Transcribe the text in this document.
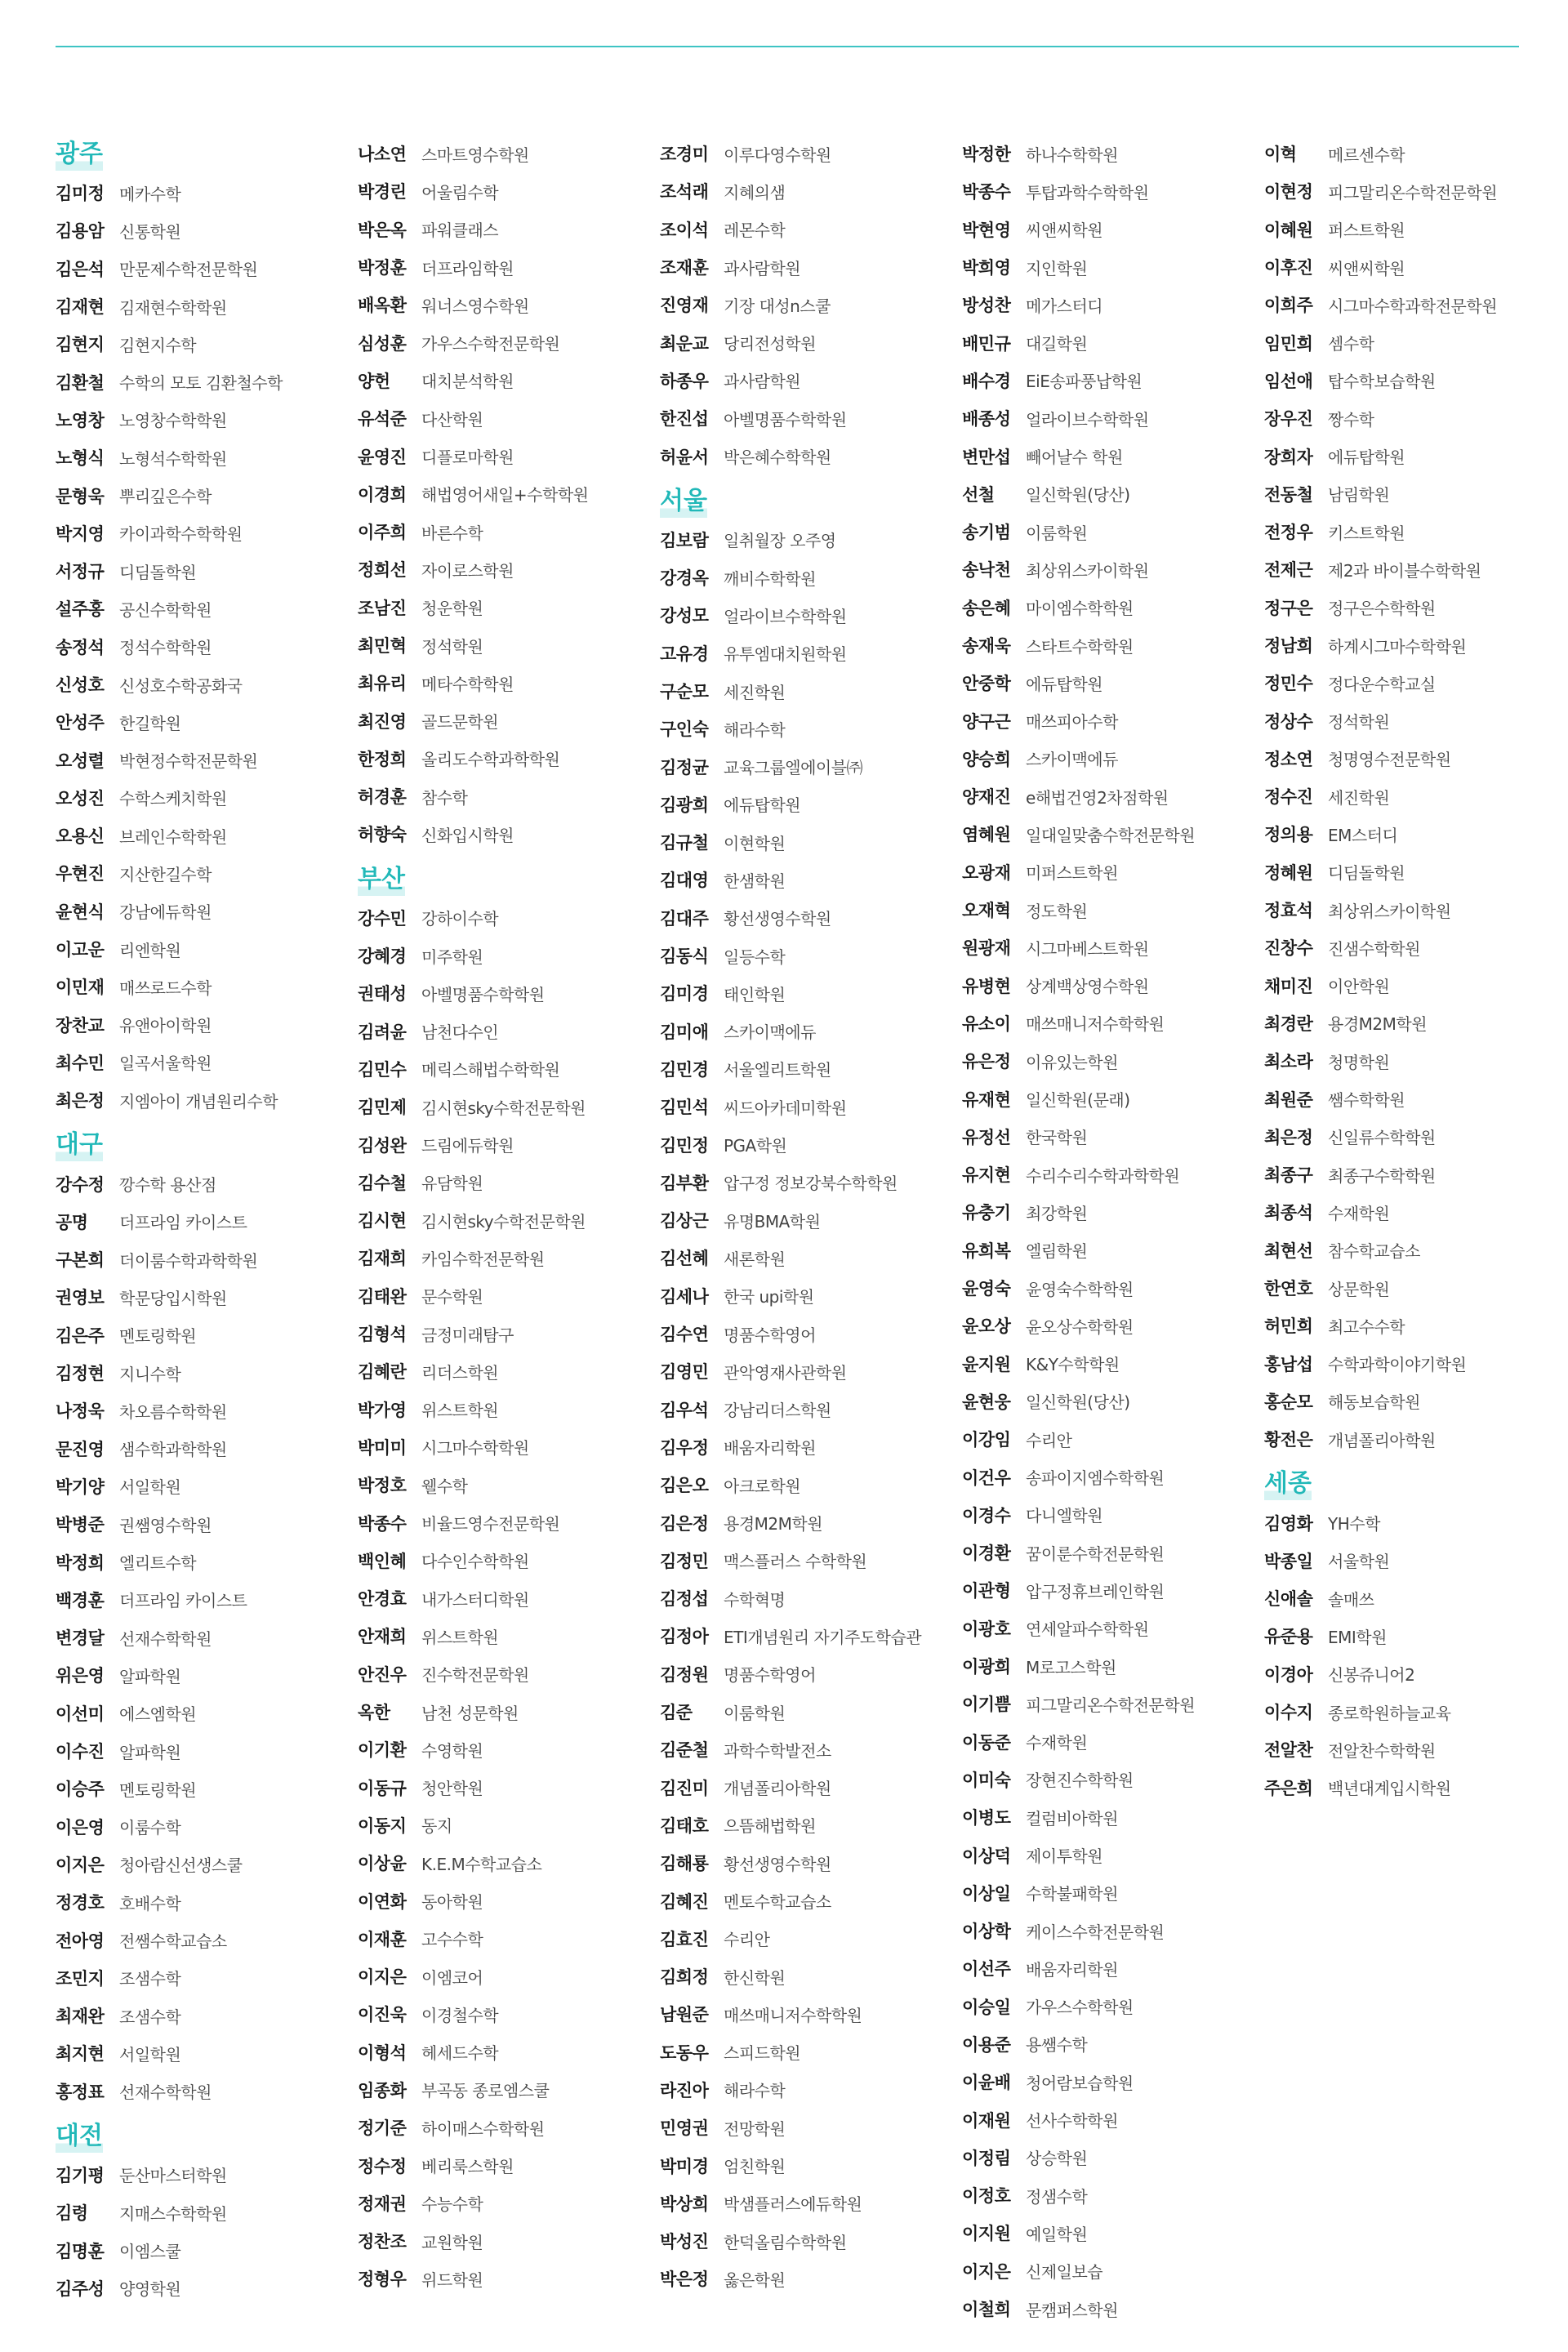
광주
김미정 메카수학
김용암 신통학원
김은석 만문제수학전문학원
김재현 김재현수학학원
김현지 김현지수학
김환철 수학의 모토 김환철수학
노영창 노영창수학학원
노형식 노형석수학학원
문형욱 뿌리깊은수학
박지영 카이과학수학학원
서정규 디딤돌학원
설주홍 공신수학학원
송정석 정석수학학원
신성호 신성호수학공화국
안성주 한길학원
오성렬 박현정수학전문학원
오성진 수학스케치학원
오용신 브레인수학학원
우현진 지산한길수학
윤현식 강남에듀학원
이고운 리엔학원
이민재 매쓰로드수학
장찬교 유앤아이학원
최수민 일곡서울학원
최은정 지엠아이 개념원리수학
대구
강수정 깡수학 용산점
공명	더프라임 카이스트
구본희 더이룸수학과학학원
권영보 학문당입시학원
김은주 멘토링학원
김정현 지니수학
나정욱 차오름수학학원
문진영 샘수학과학학원
박기양 서일학원
박병준 권쌤영수학원
박정희 엘리트수학
백경훈 더프라임 카이스트
변경달 선재수학학원
위은영 알파학원
이선미 에스엠학원
이수진 알파학원
이승주 멘토링학원
이은영 이룸수학
이지은 청아람신선생스쿨
정경호 호배수학
전아영 전쌤수학교습소
조민지 조샘수학
최재완 조샘수학
최지현 서일학원
홍정표 선재수학학원
대전
김기평 둔산마스터학원
김령	지매스수학학원
김명훈 이엠스쿨
김주성 양영학원
나소연 스마트영수학원
박경린 어울림수학
박은옥 파워클래스
박정훈 더프라임학원
배옥환 워너스영수학원
심성훈 가우스수학전문학원
양헌	대치분석학원
유석준 다산학원
윤영진 디플로마학원
이경희 해법영어새일+수학학원
이주희 바른수학
정희선 자이로스학원
조남진 청운학원
최민혁 정석학원
최유리 메타수학학원
최진영 골드문학원
한정희 올리도수학과학학원
허경훈 참수학
허향숙 신화입시학원
부산
강수민 강하이수학
강혜경 미주학원
권태성 아벨명품수학학원
김려윤 남천다수인
김민수 메릭스해법수학학원
김민제 김시현sky수학전문학원
김성완 드림에듀학원
김수철 유담학원
김시현 김시현sky수학전문학원
김재희 카임수학전문학원
김태완 문수학원
김형석 금정미래탐구
김혜란 리더스학원
박가영 위스트학원
박미미 시그마수학학원
박정호 웰수학
박종수 비율드영수전문학원
백인혜 다수인수학학원
안경효 내가스터디학원
안재희 위스트학원
안진우 진수학전문학원
옥한	남천 성문학원
이기환 수영학원
이동규 청안학원
이동지 동지
이상윤 K.E.M수학교습소
이연화 동아학원
이재훈 고수수학
이지은 이엠코어
이진욱 이경철수학
이형석 헤세드수학
임종화 부곡동 종로엠스쿨
정기준 하이매스수학학원
정수정 베리룩스학원
정재권 수능수학
정찬조 교원학원
정형우 위드학원
조경미 이루다영수학원
조석래 지혜의샘
조이석 레몬수학
조재훈 과사람학원
진영재 기장 대성n스쿨
최운교 당리전성학원
하종우 과사람학원
한진섭 아벨명품수학학원
허윤서 박은혜수학학원
서울
김보람 일취월장 오주영
강경옥 깨비수학학원
강성모 얼라이브수학학원
고유경 유투엠대치원학원
구순모 세진학원
구인숙 해라수학
김정균 교육그룹엘에이블㈜
김광희 에듀탑학원
김규철 이현학원
김대영 한샘학원
김대주 황선생영수학원
김동식 일등수학
김미경 태인학원
김미애 스카이맥에듀
김민경 서울엘리트학원
김민석 씨드아카데미학원
김민정 PGA학원
김부환 압구정 정보강북수학학원
김상근 유명BMA학원
김선혜 새론학원
김세나 한국 upi학원
김수연 명품수학영어
김영민 관악영재사관학원
김우석 강남리더스학원
김우정 배움자리학원
김은오 아크로학원
김은정 용경M2M학원
김정민 맥스플러스 수학학원
김정섭 수학혁명
김정아 ETI개념원리 자기주도학습관
김정원 명품수학영어
김준	이룸학원
김준철 과학수학발전소
김진미 개념폴리아학원
김태호 으뜸해법학원
김해룡 황선생영수학원
김혜진 멘토수학교습소
김효진 수리안
김희정 한신학원
남원준 매쓰매니저수학학원
도동우 스피드학원
라진아 해라수학
민영권 전망학원
박미경 엄친학원
박상희 박샘플러스에듀학원
박성진 한덕올림수학학원
박은정 옳은학원
박정한 하나수학학원
박종수 투탑과학수학학원
박현영 씨앤씨학원
박희영 지인학원
방성찬 메가스터디
배민규 대길학원
배수경 EiE송파풍납학원
배종성 얼라이브수학학원
변만섭 빼어날수 학원
선철	일신학원(당산)
송기범 이룸학원
송낙천 최상위스카이학원
송은혜 마이엠수학학원
송재욱 스타트수학학원
안중학 에듀탑학원
양구근 매쓰피아수학
양승희 스카이맥에듀
양재진 e해법건영2차점학원
염혜원 일대일맞춤수학전문학원
오광재 미퍼스트학원
오재혁 정도학원
원광재 시그마베스트학원
유병현 상계백상영수학원
유소이 매쓰매니저수학학원
유은정 이유있는학원
유재현 일신학원(문래)
유정선 한국학원
유지현 수리수리수학과학학원
유충기 최강학원
유희복 엘림학원
윤영숙 윤영숙수학학원
윤오상 윤오상수학학원
윤지원 K&Y수학학원
윤현웅 일신학원(당산)
이강임 수리안
이건우 송파이지엠수학학원
이경수 다니엘학원
이경환 꿈이룬수학전문학원
이관형 압구정휴브레인학원
이광호 연세알파수학학원
이광희 M로고스학원
이기쁨 피그말리온수학전문학원
이동준 수재학원
이미숙 장현진수학학원
이병도 컬럼비아학원
이상덕 제이투학원
이상일 수학불패학원
이상학 케이스수학전문학원
이선주 배움자리학원
이승일 가우스수학학원
이용준 용쌤수학
이윤배 청어람보습학원
이재원 선사수학학원
이정림 상승학원
이정호 정샘수학
이지원 예일학원
이지은 신제일보습
이철희 문캠퍼스학원
이혁	메르센수학
이현정 피그말리온수학전문학원
이혜원 퍼스트학원
이후진 씨앤씨학원
이희주 시그마수학과학전문학원
임민희 셈수학
임선애 탑수학보습학원
장우진 짱수학
장희자 에듀탑학원
전동철 남림학원
전정우 키스트학원
전제근 제2과 바이블수학학원
정구은 정구은수학학원
정남희 하계시그마수학학원
정민수 정다운수학교실
정상수 정석학원
정소연 청명영수전문학원
정수진 세진학원
정의용 EM스터디
정혜원 디딤돌학원
정효석 최상위스카이학원
진창수 진샘수학학원
채미진 이안학원
최경란 용경M2M학원
최소라 청명학원
최원준 쌤수학학원
최은정 신일류수학학원
최종구 최종구수학학원
최종석 수재학원
최현선 참수학교습소
한연호 상문학원
허민희 최고수수학
홍남섭 수학과학이야기학원
홍순모 해동보습학원
황전은 개념폴리아학원
세종
김영화 YH수학
박종일 서울학원
신애솔 솔매쓰
유준용 EMI학원
이경아 신봉쥬니어2
이수지 종로학원하늘교육
전알찬 전알찬수학학원
주은희 백년대계입시학원
